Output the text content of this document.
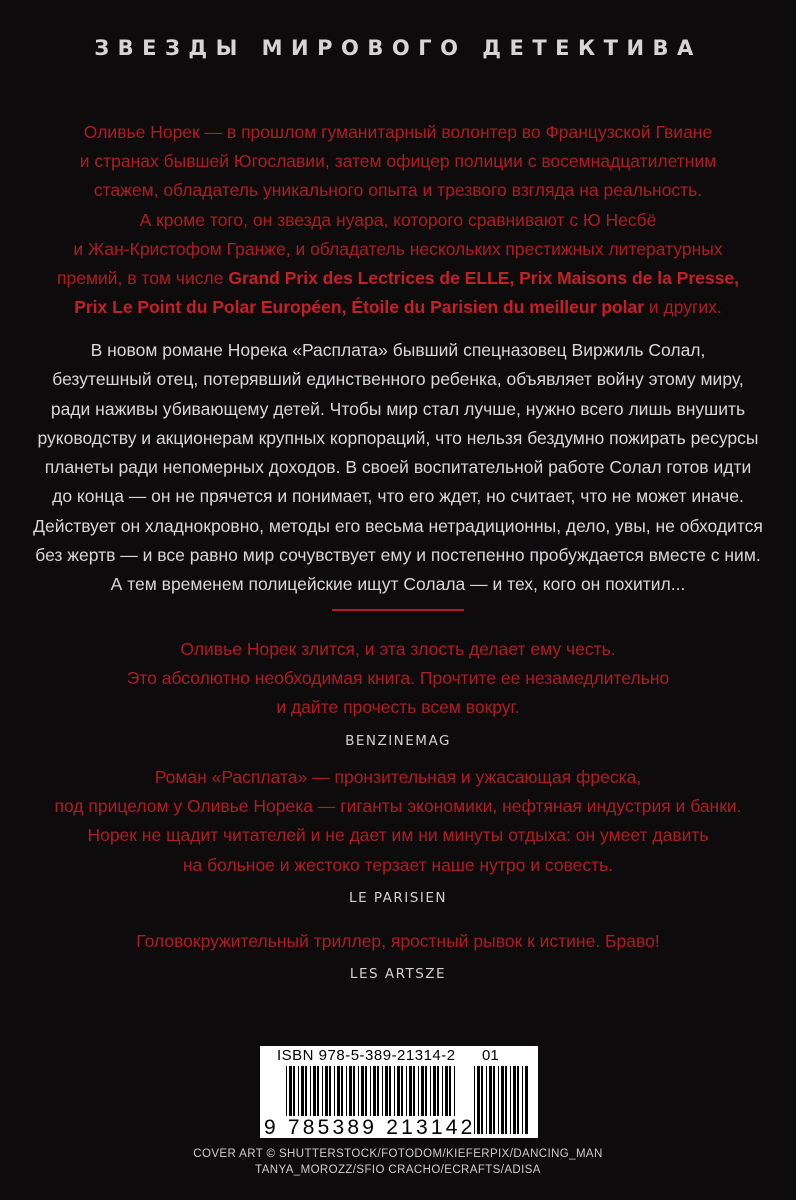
ЗВЕЗДЫ МИРОВОГО ДЕТЕКТИВА
Оливье Норек — в прошлом гуманитарный волонтер во Французской Гвиане
и странах бывшей Югославии, затем офицер полиции с восемнадцатилетним
стажем, обладатель уникального опыта и трезвого взгляда на реальность.
А кроме того, он звезда нуара, которого сравнивают с Ю Несбё
и Жан-Кристофом Гранже, и обладатель нескольких престижных литературных
премий, в том числе Grand Prix des Lectrices de ELLE, Prix Maisons de la Presse,
Prix Le Point du Polar Européen, Étoile du Parisien du meilleur polar и других.
В новом романе Норека «Расплата» бывший спецназовец Виржиль Солал,
безутешный отец, потерявший единственного ребенка, объявляет войну этому миру,
ради наживы убивающему детей. Чтобы мир стал лучше, нужно всего лишь внушить
руководству и акционерам крупных корпораций, что нельзя бездумно пожирать ресурсы
планеты ради непомерных доходов. В своей воспитательной работе Солал готов идти
до конца — он не прячется и понимает, что его ждет, но считает, что не может иначе.
Действует он хладнокровно, методы его весьма нетрадиционны, дело, увы, не обходится
без жертв — и все равно мир сочувствует ему и постепенно пробуждается вместе с ним.
А тем временем полицейские ищут Солала — и тех, кого он похитил...
Оливье Норек злится, и эта злость делает ему честь.
Это абсолютно необходимая книга. Прочтите ее незамедлительно
и дайте прочесть всем вокруг.
BENZINEMAG
Роман «Расплата» — пронзительная и ужасающая фреска,
под прицелом у Оливье Норека — гиганты экономики, нефтяная индустрия и банки.
Норек не щадит читателей и не дает им ни минуты отдыха: он умеет давить
на больное и жестоко терзает наше нутро и совесть.
LE PARISIEN
Головокружительный триллер, яростный рывок к истине. Браво!
LES ARTSZE
ISBN 978-5-389-21314-2 01
9 785389 213142
COVER ART © SHUTTERSTOCK/FOTODOM/KIEFERPIX/DANCING_MAN
TANYA_MOROZZ/SFIO CRACHO/ECRAFTS/ADISA
